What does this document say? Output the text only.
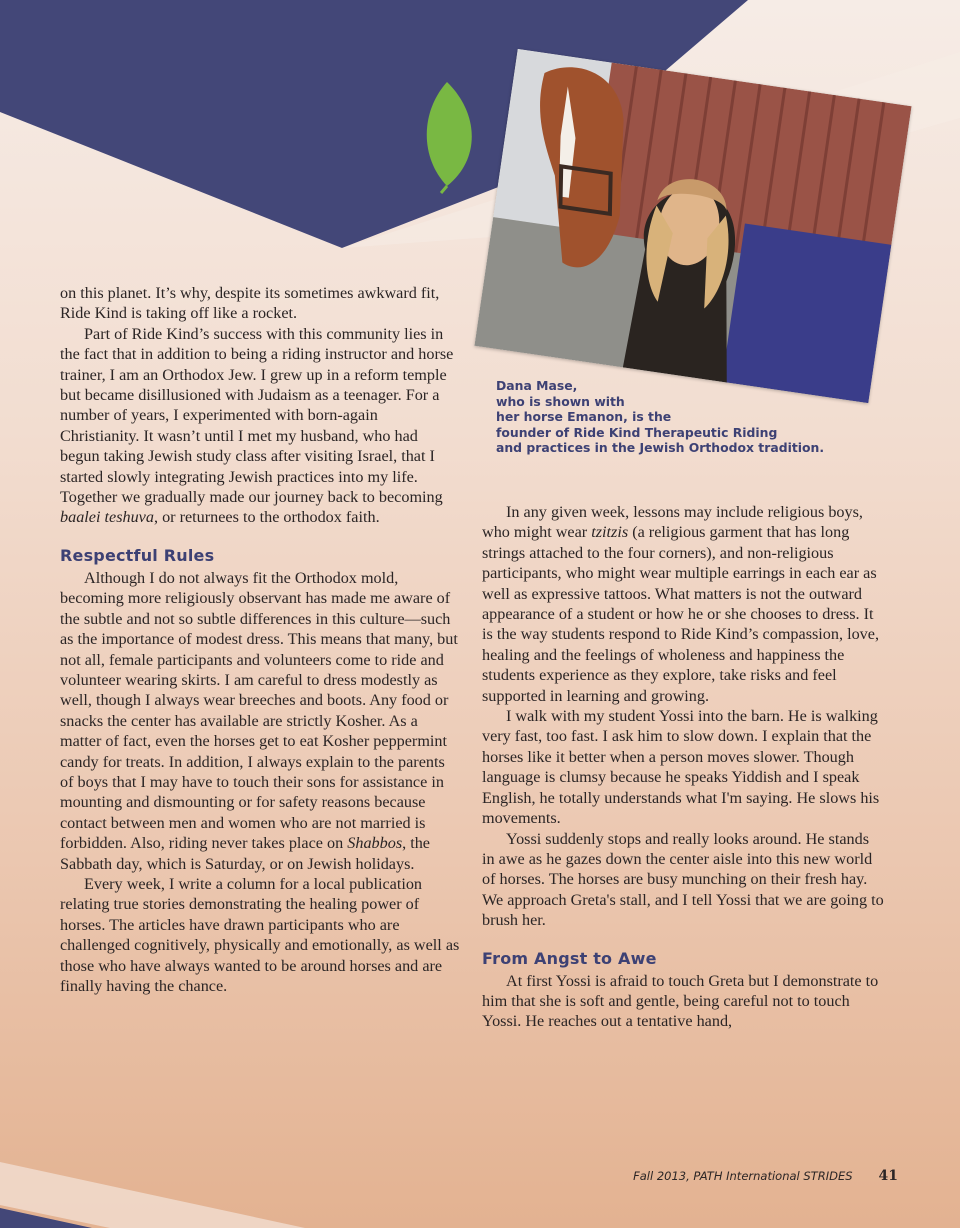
Dana Mase,
who is shown with
her horse Emanon, is the
founder of Ride Kind Therapeutic Riding
and practices in the Jewish Orthodox tradition.

on this planet. It’s why, despite its sometimes awkward fit, Ride Kind is taking off like a rocket.

Part of Ride Kind’s success with this community lies in the fact that in addition to being a riding instructor and horse trainer, I am an Orthodox Jew. I grew up in a reform temple but became disillusioned with Judaism as a teenager. For a number of years, I experimented with born-again Christianity. It wasn’t until I met my husband, who had begun taking Jewish study class after visiting Israel, that I started slowly integrating Jewish practices into my life. Together we gradually made our journey back to becoming baalei teshuva, or returnees to the orthodox faith.

Respectful Rules

Although I do not always fit the Orthodox mold, becoming more religiously observant has made me aware of the subtle and not so subtle differences in this culture—such as the importance of modest dress. This means that many, but not all, female participants and volunteers come to ride and volunteer wearing skirts. I am careful to dress modestly as well, though I always wear breeches and boots. Any food or snacks the center has available are strictly Kosher. As a matter of fact, even the horses get to eat Kosher peppermint candy for treats. In addition, I always explain to the parents of boys that I may have to touch their sons for assistance in mounting and dismounting or for safety reasons because contact between men and women who are not married is forbidden. Also, riding never takes place on Shabbos, the Sabbath day, which is Saturday, or on Jewish holidays.

Every week, I write a column for a local publication relating true stories demonstrating the healing power of horses. The articles have drawn participants who are challenged cognitively, physically and emotionally, as well as those who have always wanted to be around horses and are finally having the chance.

In any given week, lessons may include religious boys, who might wear tzitzis (a religious garment that has long strings attached to the four corners), and non-religious participants, who might wear multiple earrings in each ear as well as expressive tattoos. What matters is not the outward appearance of a student or how he or she chooses to dress. It is the way students respond to Ride Kind’s compassion, love, healing and the feelings of wholeness and happiness the students experience as they explore, take risks and feel supported in learning and growing.

I walk with my student Yossi into the barn. He is walking very fast, too fast. I ask him to slow down. I explain that the horses like it better when a person moves slower. Though language is clumsy because he speaks Yiddish and I speak English, he totally understands what I'm saying. He slows his movements.

Yossi suddenly stops and really looks around. He stands in awe as he gazes down the center aisle into this new world of horses. The horses are busy munching on their fresh hay. We approach Greta's stall, and I tell Yossi that we are going to brush her.

From Angst to Awe

At first Yossi is afraid to touch Greta but I demonstrate to him that she is soft and gentle, being careful not to touch Yossi. He reaches out a tentative hand,

Fall 2013, PATH International STRIDES 41
